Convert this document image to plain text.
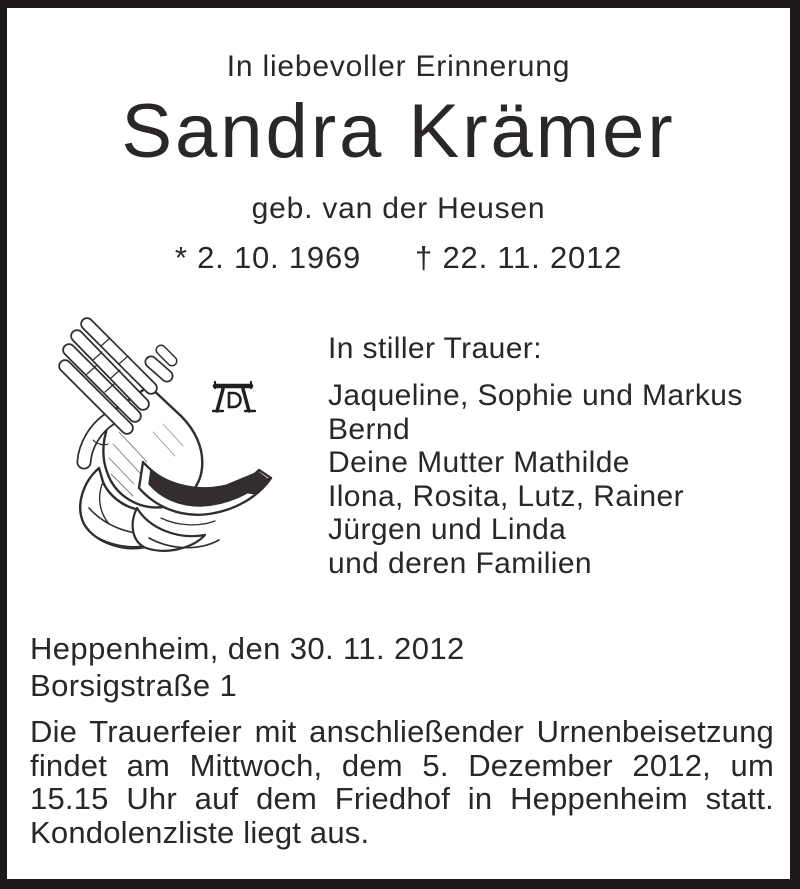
In liebevoller Erinnerung
Sandra Krämer
geb. van der Heusen
* 2. 10. 1969 † 22. 11. 2012
In stiller Trauer:
Jaqueline, Sophie und Markus
Bernd
Deine Mutter Mathilde
Ilona, Rosita, Lutz, Rainer
Jürgen und Linda
und deren Familien
Heppenheim, den 30. 11. 2012
Borsigstraße 1
Die Trauerfeier mit anschließender Urnenbeisetzung
findet am Mittwoch, dem 5. Dezember 2012, um
15.15 Uhr auf dem Friedhof in Heppenheim statt.
Kondolenzliste liegt aus.
